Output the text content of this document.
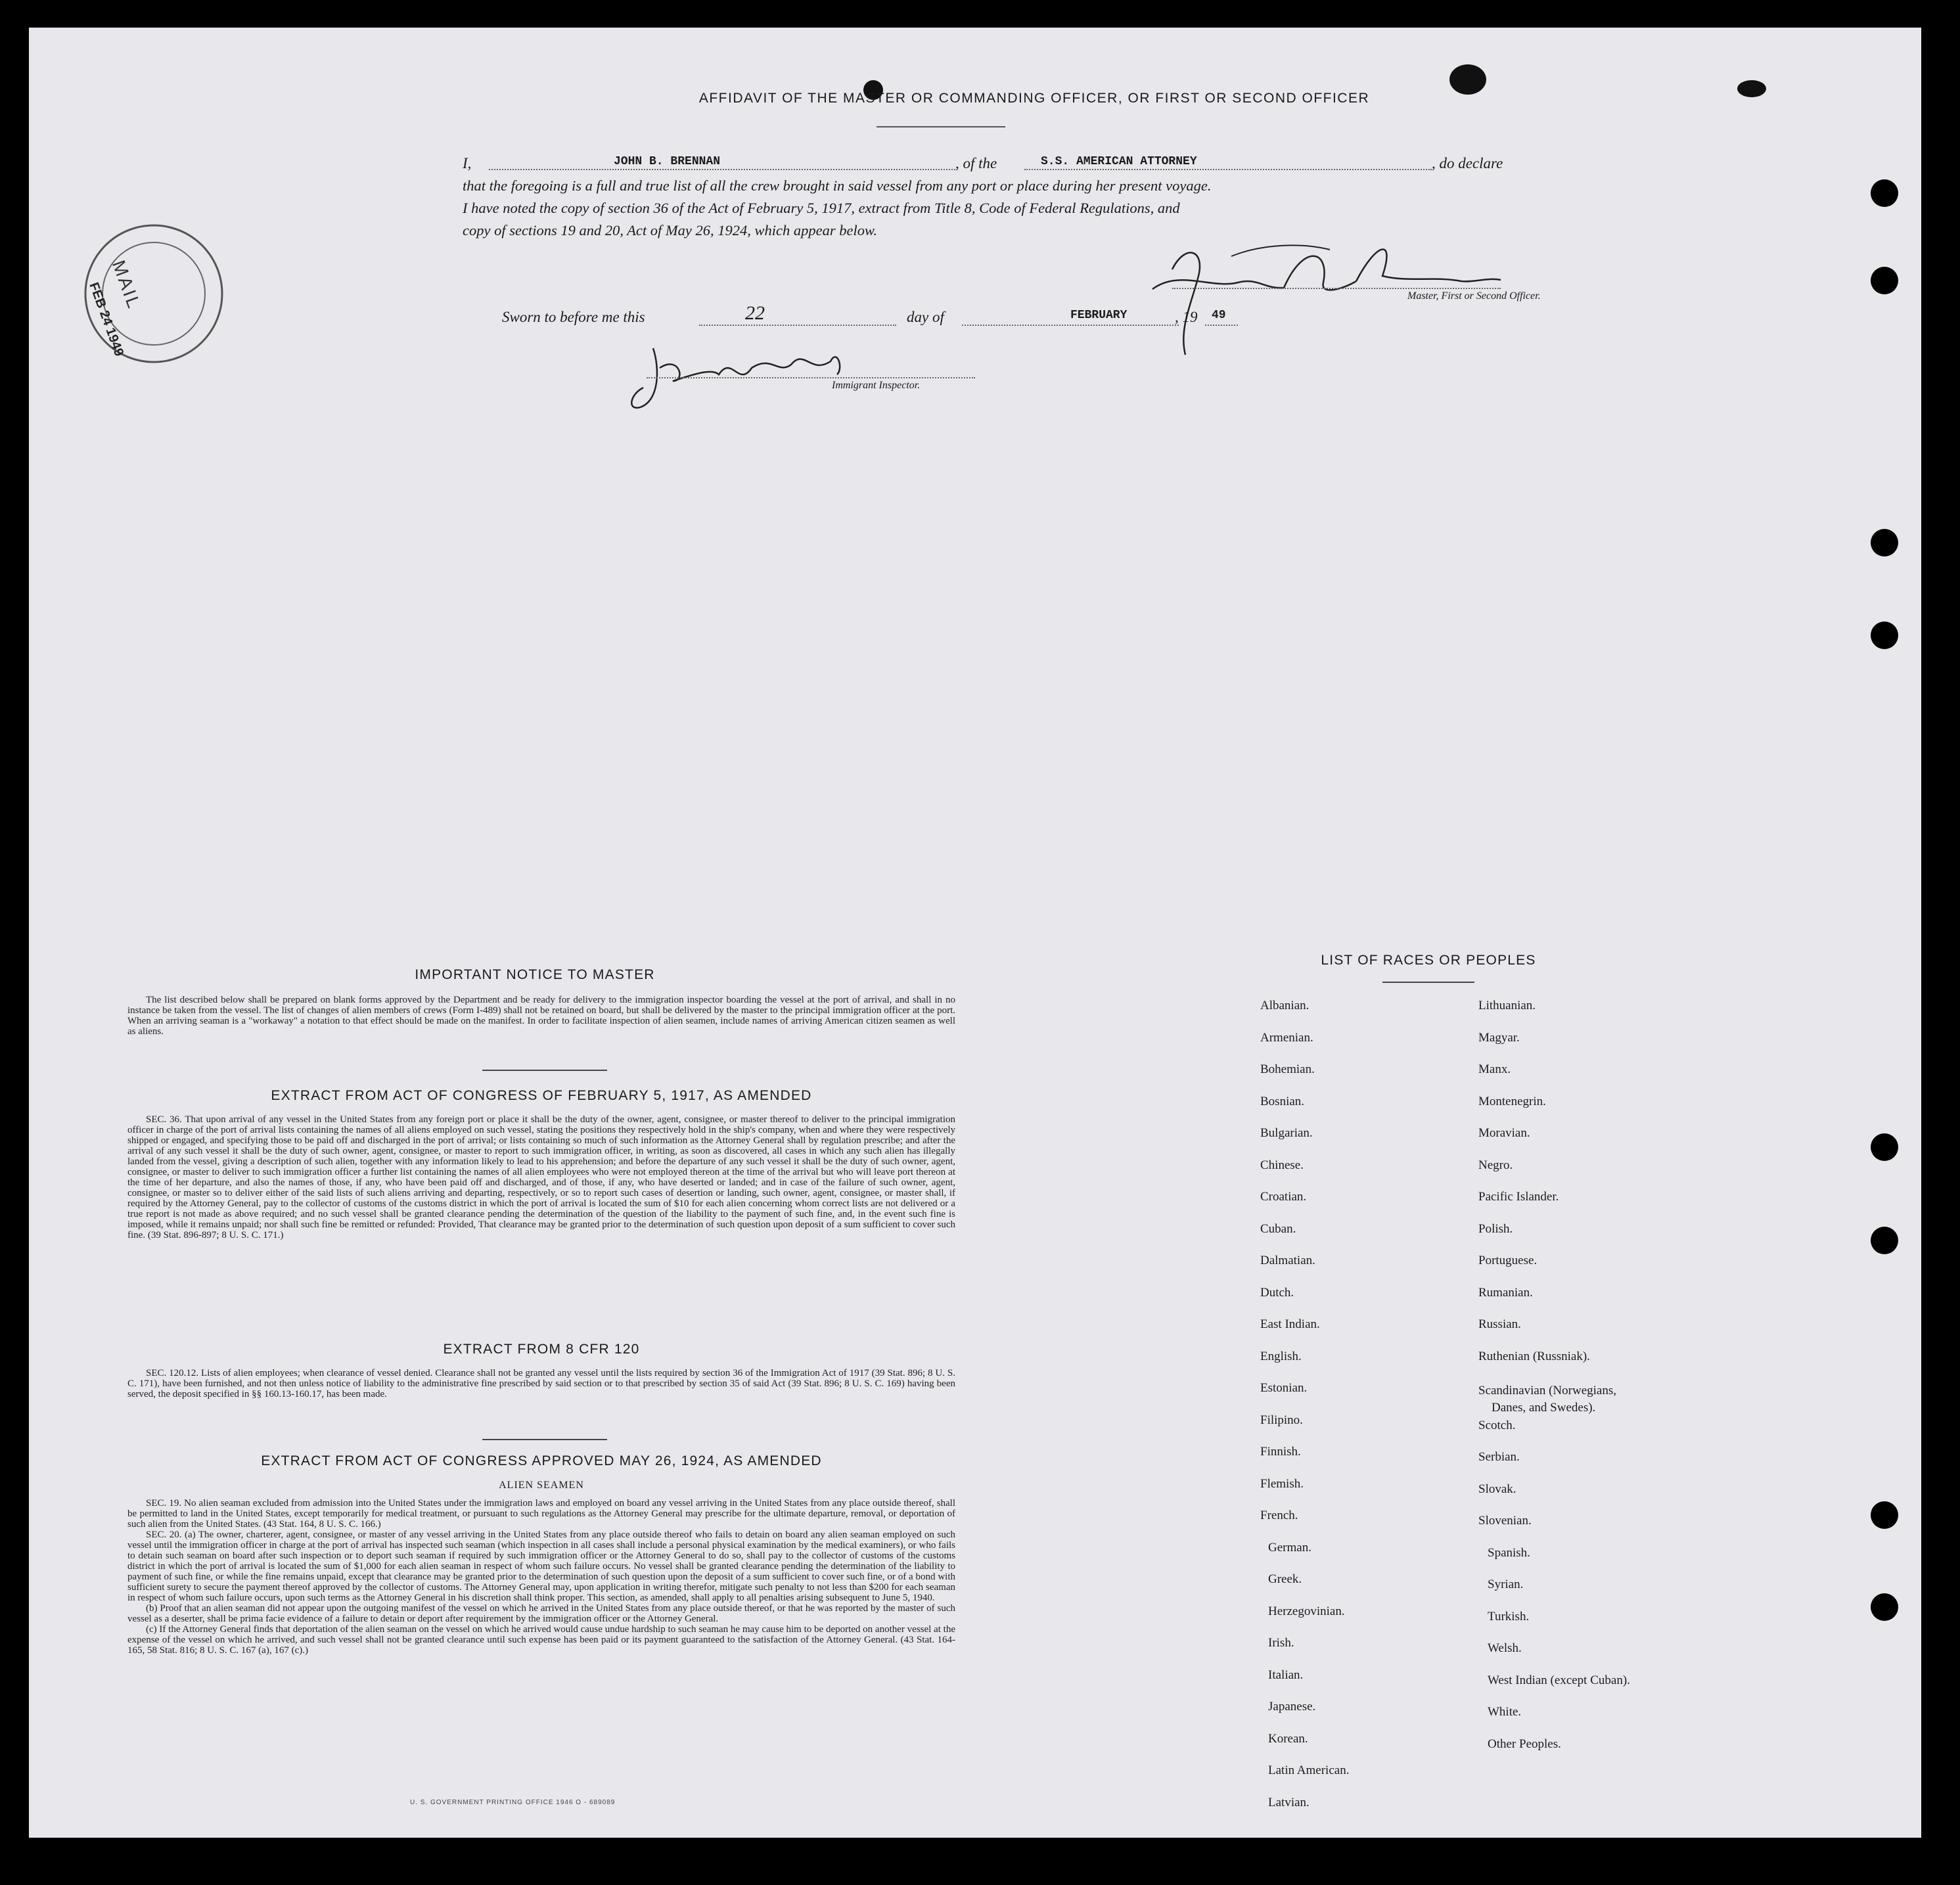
AFFIDAVIT OF THE MASTER OR COMMANDING OFFICER, OR FIRST OR SECOND OFFICER
I,	JOHN B. BRENNAN	, of the	S.S. AMERICAN ATTORNEY	, do declare
that the foregoing is a full and true list of all the crew brought in said vessel from any port or place during her present voyage.
I have noted the copy of section 36 of the Act of February 5, 1917, extract from Title 8, Code of Federal Regulations, and
copy of sections 19 and 20, Act of May 26, 1924, which appear below.
Master, First or Second Officer.
Sworn to before me this	22	day of	FEBRUARY	, 19 49
Immigrant Inspector.
MAIL
FEB 24 1949
IMPORTANT NOTICE TO MASTER

The list described below shall be prepared on blank forms approved by the Department and be ready for delivery to the immigration inspector boarding the vessel at the port of arrival, and shall in no instance be taken from the vessel. The list of changes of alien members of crews (Form I-489) shall not be retained on board, but shall be delivered by the master to the principal immigration officer at the port. When an arriving seaman is a "workaway" a notation to that effect should be made on the manifest. In order to facilitate inspection of alien seamen, include names of arriving American citizen seamen as well as aliens.

EXTRACT FROM ACT OF CONGRESS OF FEBRUARY 5, 1917, AS AMENDED

SEC. 36. That upon arrival of any vessel in the United States from any foreign port or place it shall be the duty of the owner, agent, consignee, or master thereof to deliver to the principal immigration officer in charge of the port of arrival lists containing the names of all aliens employed on such vessel, stating the positions they respectively hold in the ship's company, when and where they were respectively shipped or engaged, and specifying those to be paid off and discharged in the port of arrival; or lists containing so much of such information as the Attorney General shall by regulation prescribe; and after the arrival of any such vessel it shall be the duty of such owner, agent, consignee, or master to report to such immigration officer, in writing, as soon as discovered, all cases in which any such alien has illegally landed from the vessel, giving a description of such alien, together with any information likely to lead to his apprehension; and before the departure of any such vessel it shall be the duty of such owner, agent, consignee, or master to deliver to such immigration officer a further list containing the names of all alien employees who were not employed thereon at the time of the arrival but who will leave port thereon at the time of her departure, and also the names of those, if any, who have been paid off and discharged, and of those, if any, who have deserted or landed; and in case of the failure of such owner, agent, consignee, or master so to deliver either of the said lists of such aliens arriving and departing, respectively, or so to report such cases of desertion or landing, such owner, agent, consignee, or master shall, if required by the Attorney General, pay to the collector of customs of the customs district in which the port of arrival is located the sum of $10 for each alien concerning whom correct lists are not delivered or a true report is not made as above required; and no such vessel shall be granted clearance pending the determination of the question of the liability to the payment of such fine, and, in the event such fine is imposed, while it remains unpaid; nor shall such fine be remitted or refunded: Provided, That clearance may be granted prior to the determination of such question upon deposit of a sum sufficient to cover such fine. (39 Stat. 896-897; 8 U. S. C. 171.)

EXTRACT FROM 8 CFR 120

SEC. 120.12. Lists of alien employees; when clearance of vessel denied. Clearance shall not be granted any vessel until the lists required by section 36 of the Immigration Act of 1917 (39 Stat. 896; 8 U. S. C. 171), have been furnished, and not then unless notice of liability to the administrative fine prescribed by said section or to that prescribed by section 35 of said Act (39 Stat. 896; 8 U. S. C. 169) having been served, the deposit specified in §§ 160.13-160.17, has been made.

EXTRACT FROM ACT OF CONGRESS APPROVED MAY 26, 1924, AS AMENDED
ALIEN SEAMEN

SEC. 19. No alien seaman excluded from admission into the United States under the immigration laws and employed on board any vessel arriving in the United States from any place outside thereof, shall be permitted to land in the United States, except temporarily for medical treatment, or pursuant to such regulations as the Attorney General may prescribe for the ultimate departure, removal, or deportation of such alien from the United States. (43 Stat. 164, 8 U. S. C. 166.)

SEC. 20. (a) The owner, charterer, agent, consignee, or master of any vessel arriving in the United States from any place outside thereof who fails to detain on board any alien seaman employed on such vessel until the immigration officer in charge at the port of arrival has inspected such seaman (which inspection in all cases shall include a personal physical examination by the medical examiners), or who fails to detain such seaman on board after such inspection or to deport such seaman if required by such immigration officer or the Attorney General to do so, shall pay to the collector of customs of the customs district in which the port of arrival is located the sum of $1,000 for each alien seaman in respect of whom such failure occurs. No vessel shall be granted clearance pending the determination of the liability to payment of such fine, or while the fine remains unpaid, except that clearance may be granted prior to the determination of such question upon the deposit of a sum sufficient to cover such fine, or of a bond with sufficient surety to secure the payment thereof approved by the collector of customs. The Attorney General may, upon application in writing therefor, mitigate such penalty to not less than $200 for each seaman in respect of whom such failure occurs, upon such terms as the Attorney General in his discretion shall think proper. This section, as amended, shall apply to all penalties arising subsequent to June 5, 1940.

(b) Proof that an alien seaman did not appear upon the outgoing manifest of the vessel on which he arrived in the United States from any place outside thereof, or that he was reported by the master of such vessel as a deserter, shall be prima facie evidence of a failure to detain or deport after requirement by the immigration officer or the Attorney General.

(c) If the Attorney General finds that deportation of the alien seaman on the vessel on which he arrived would cause undue hardship to such seaman he may cause him to be deported on another vessel at the expense of the vessel on which he arrived, and such vessel shall not be granted clearance until such expense has been paid or its payment guaranteed to the satisfaction of the Attorney General. (43 Stat. 164-165, 58 Stat. 816; 8 U. S. C. 167 (a), 167 (c).)

U. S. GOVERNMENT PRINTING OFFICE 1946 O - 689089
LIST OF RACES OR PEOPLES
Albanian.
Armenian.
Bohemian.
Bosnian.
Bulgarian.
Chinese.
Croatian.
Cuban.
Dalmatian.
Dutch.
East Indian.
English.
Estonian.
Filipino.
Finnish.
Flemish.
French.
German.
Greek.
Herzegovinian.
Irish.
Italian.
Japanese.
Korean.
Latin American.
Latvian.
Lithuanian.
Magyar.
Manx.
Montenegrin.
Moravian.
Negro.
Pacific Islander.
Polish.
Portuguese.
Rumanian.
Russian.
Ruthenian (Russniak).
Scandinavian (Norwegians,
Danes, and Swedes).
Scotch.
Serbian.
Slovak.
Slovenian.
Spanish.
Syrian.
Turkish.
Welsh.
West Indian (except Cuban).
White.
Other Peoples.
